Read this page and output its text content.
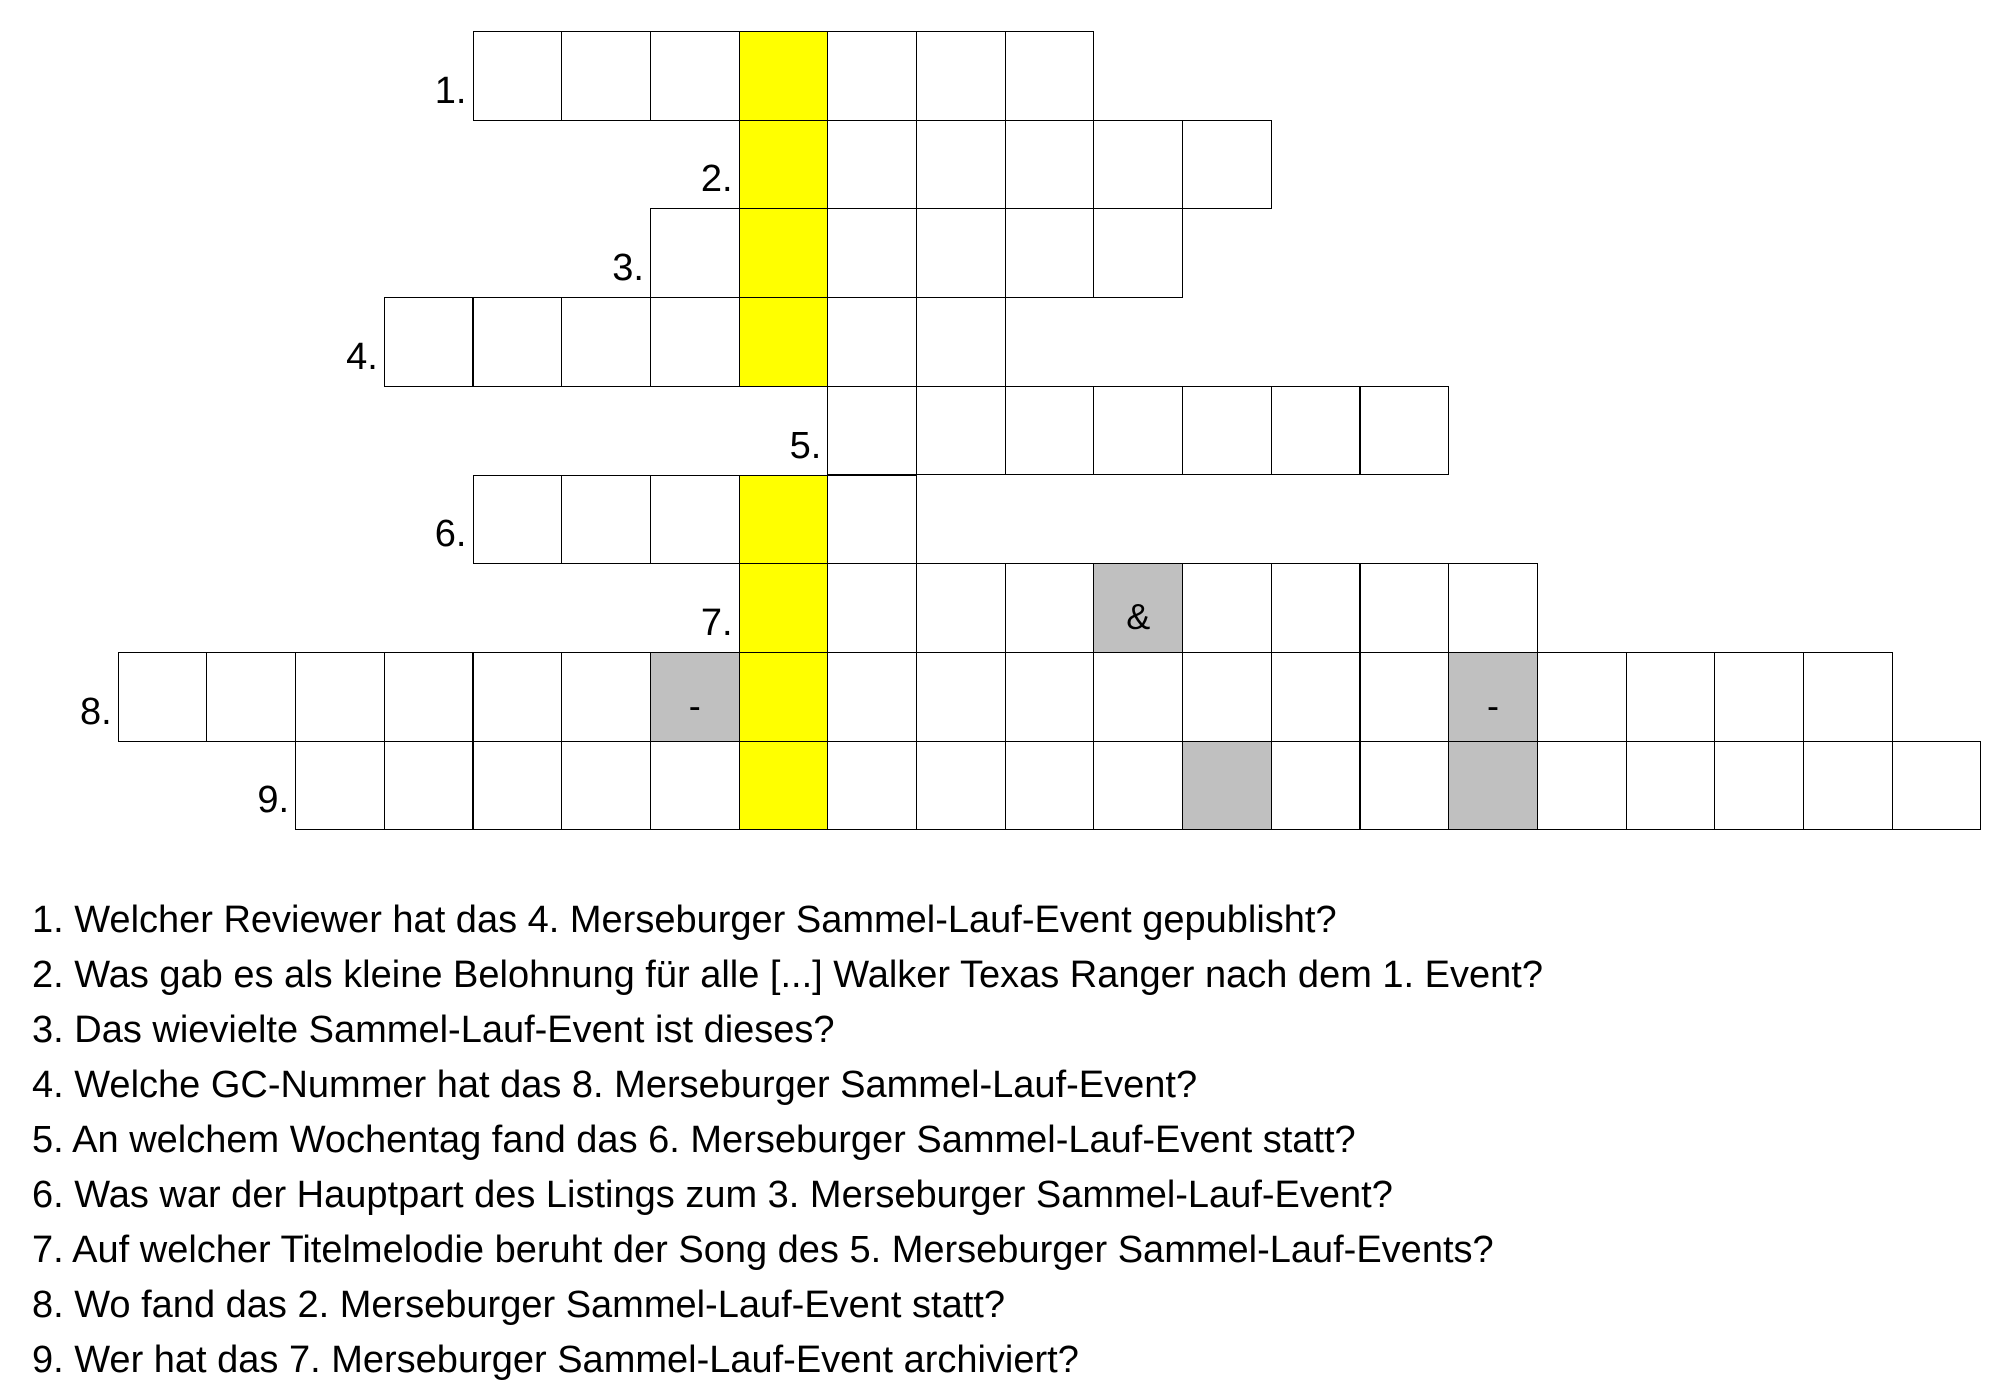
1.
2.
3.
4.
5.
6.
7.	&
8.	-	-
9.
1. Welcher Reviewer hat das 4. Merseburger Sammel-Lauf-Event gepublisht?
2. Was gab es als kleine Belohnung für alle [...] Walker Texas Ranger nach dem 1. Event?
3. Das wievielte Sammel-Lauf-Event ist dieses?
4. Welche GC-Nummer hat das 8. Merseburger Sammel-Lauf-Event?
5. An welchem Wochentag fand das 6. Merseburger Sammel-Lauf-Event statt?
6. Was war der Hauptpart des Listings zum 3. Merseburger Sammel-Lauf-Event?
7. Auf welcher Titelmelodie beruht der Song des 5. Merseburger Sammel-Lauf-Events?
8. Wo fand das 2. Merseburger Sammel-Lauf-Event statt?
9. Wer hat das 7. Merseburger Sammel-Lauf-Event archiviert?
